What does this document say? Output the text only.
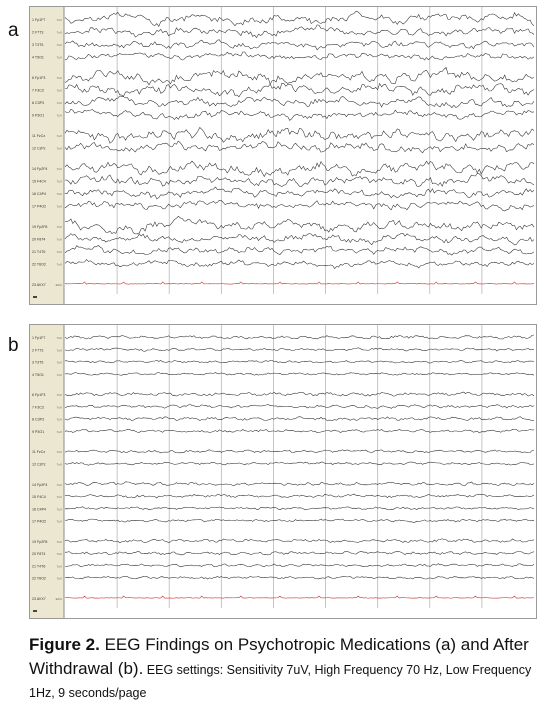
a	1 Fp1F7	7uV
2 F7T3	7uV
3 T3T5	7uV
4 T5O1	7uV
6 Fp1F3	7uV
7 F3C3	7uV
8 C3P3	7uV
9 P3O1	7uV
11 FzCz	7uV
12 CzPz	7uV
14 Fp2F4	7uV
15 F4C4	7uV
16 C4P4	7uV
17 P4O2	7uV
19 Fp2F8	7uV
20 F8T4	7uV
21 T4T6	7uV
22 T6O2	7uV
23 AVX7	EKG
b	1 Fp1F7	7uV
2 F7T3	7uV
3 T3T5	7uV
4 T5O1	7uV
6 Fp1F3	7uV
7 F3C3	7uV
8 C3P3	7uV
9 P3O1	7uV
11 FzCz	7uV
12 CzPz	7uV
14 Fp2F4	7uV
15 F4C4	7uV
16 C4P4	7uV
17 P4O2	7uV
19 Fp2F8	7uV
20 F8T4	7uV
21 T4T6	7uV
22 T6O2	7uV
23 AVX7	EKG
Figure 2. EEG Findings on Psychotropic Medications (a) and After Withdrawal (b). EEG settings: Sensitivity 7uV, High Frequency 70 Hz, Low Frequency 1Hz, 9 seconds/page
